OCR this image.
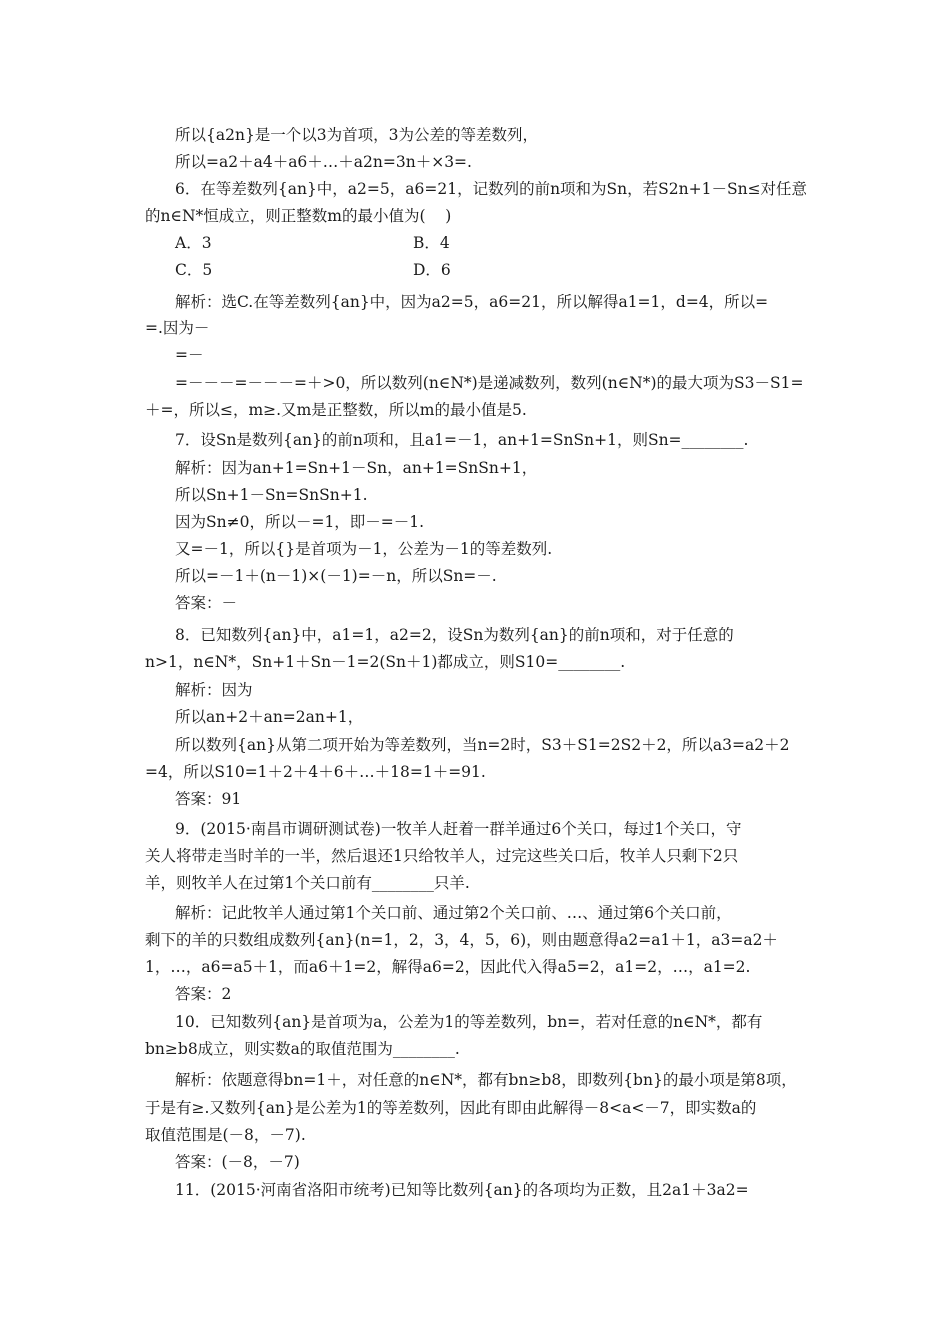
所以{a2n}是一个以3为首项，3为公差的等差数列，
所以=a2＋a4＋a6＋…＋a2n=3n＋×3=.
6．在等差数列{an}中，a2=5，a6=21，记数列的前n项和为Sn，若S2n+1－Sn≤对任意
的n∈N*恒成立，则正整数m的最小值为(    )
A．3	B．4
C．5	D．6
解析：选C.在等差数列{an}中，因为a2=5，a6=21，所以解得a1=1，d=4，所以=
=.因为－
=－
=－－－=－－－=＋>0，所以数列(n∈N*)是递减数列，数列(n∈N*)的最大项为S3－S1=
＋=，所以≤，m≥.又m是正整数，所以m的最小值是5.
7．设Sn是数列{an}的前n项和，且a1=－1，an+1=SnSn+1，则Sn=________.
解析：因为an+1=Sn+1－Sn，an+1=SnSn+1，
所以Sn+1－Sn=SnSn+1.
因为Sn≠0，所以－=1，即－=－1.
又=－1，所以{}是首项为－1，公差为－1的等差数列.
所以=－1＋(n－1)×(－1)=－n，所以Sn=－.
答案：－
8．已知数列{an}中，a1=1，a2=2，设Sn为数列{an}的前n项和，对于任意的
n>1，n∈N*，Sn+1＋Sn－1=2(Sn＋1)都成立，则S10=________.
解析：因为
所以an+2＋an=2an+1，
所以数列{an}从第二项开始为等差数列，当n=2时，S3＋S1=2S2＋2，所以a3=a2＋2
=4，所以S10=1＋2＋4＋6＋…＋18=1＋=91.
答案：91
9．(2015·南昌市调研测试卷)一牧羊人赶着一群羊通过6个关口，每过1个关口，守
关人将带走当时羊的一半，然后退还1只给牧羊人，过完这些关口后，牧羊人只剩下2只
羊，则牧羊人在过第1个关口前有________只羊.
解析：记此牧羊人通过第1个关口前、通过第2个关口前、…、通过第6个关口前，
剩下的羊的只数组成数列{an}(n=1，2，3，4，5，6)，则由题意得a2=a1＋1，a3=a2＋
1，…，a6=a5＋1，而a6＋1=2，解得a6=2，因此代入得a5=2，a1=2，…，a1=2.
答案：2
10．已知数列{an}是首项为a，公差为1的等差数列，bn=，若对任意的n∈N*，都有
bn≥b8成立，则实数a的取值范围为________.
解析：依题意得bn=1＋，对任意的n∈N*，都有bn≥b8，即数列{bn}的最小项是第8项，
于是有≥.又数列{an}是公差为1的等差数列，因此有即由此解得－8<a<－7，即实数a的
取值范围是(－8，－7).
答案：(－8，－7)
11．(2015·河南省洛阳市统考)已知等比数列{an}的各项均为正数，且2a1＋3a2=
